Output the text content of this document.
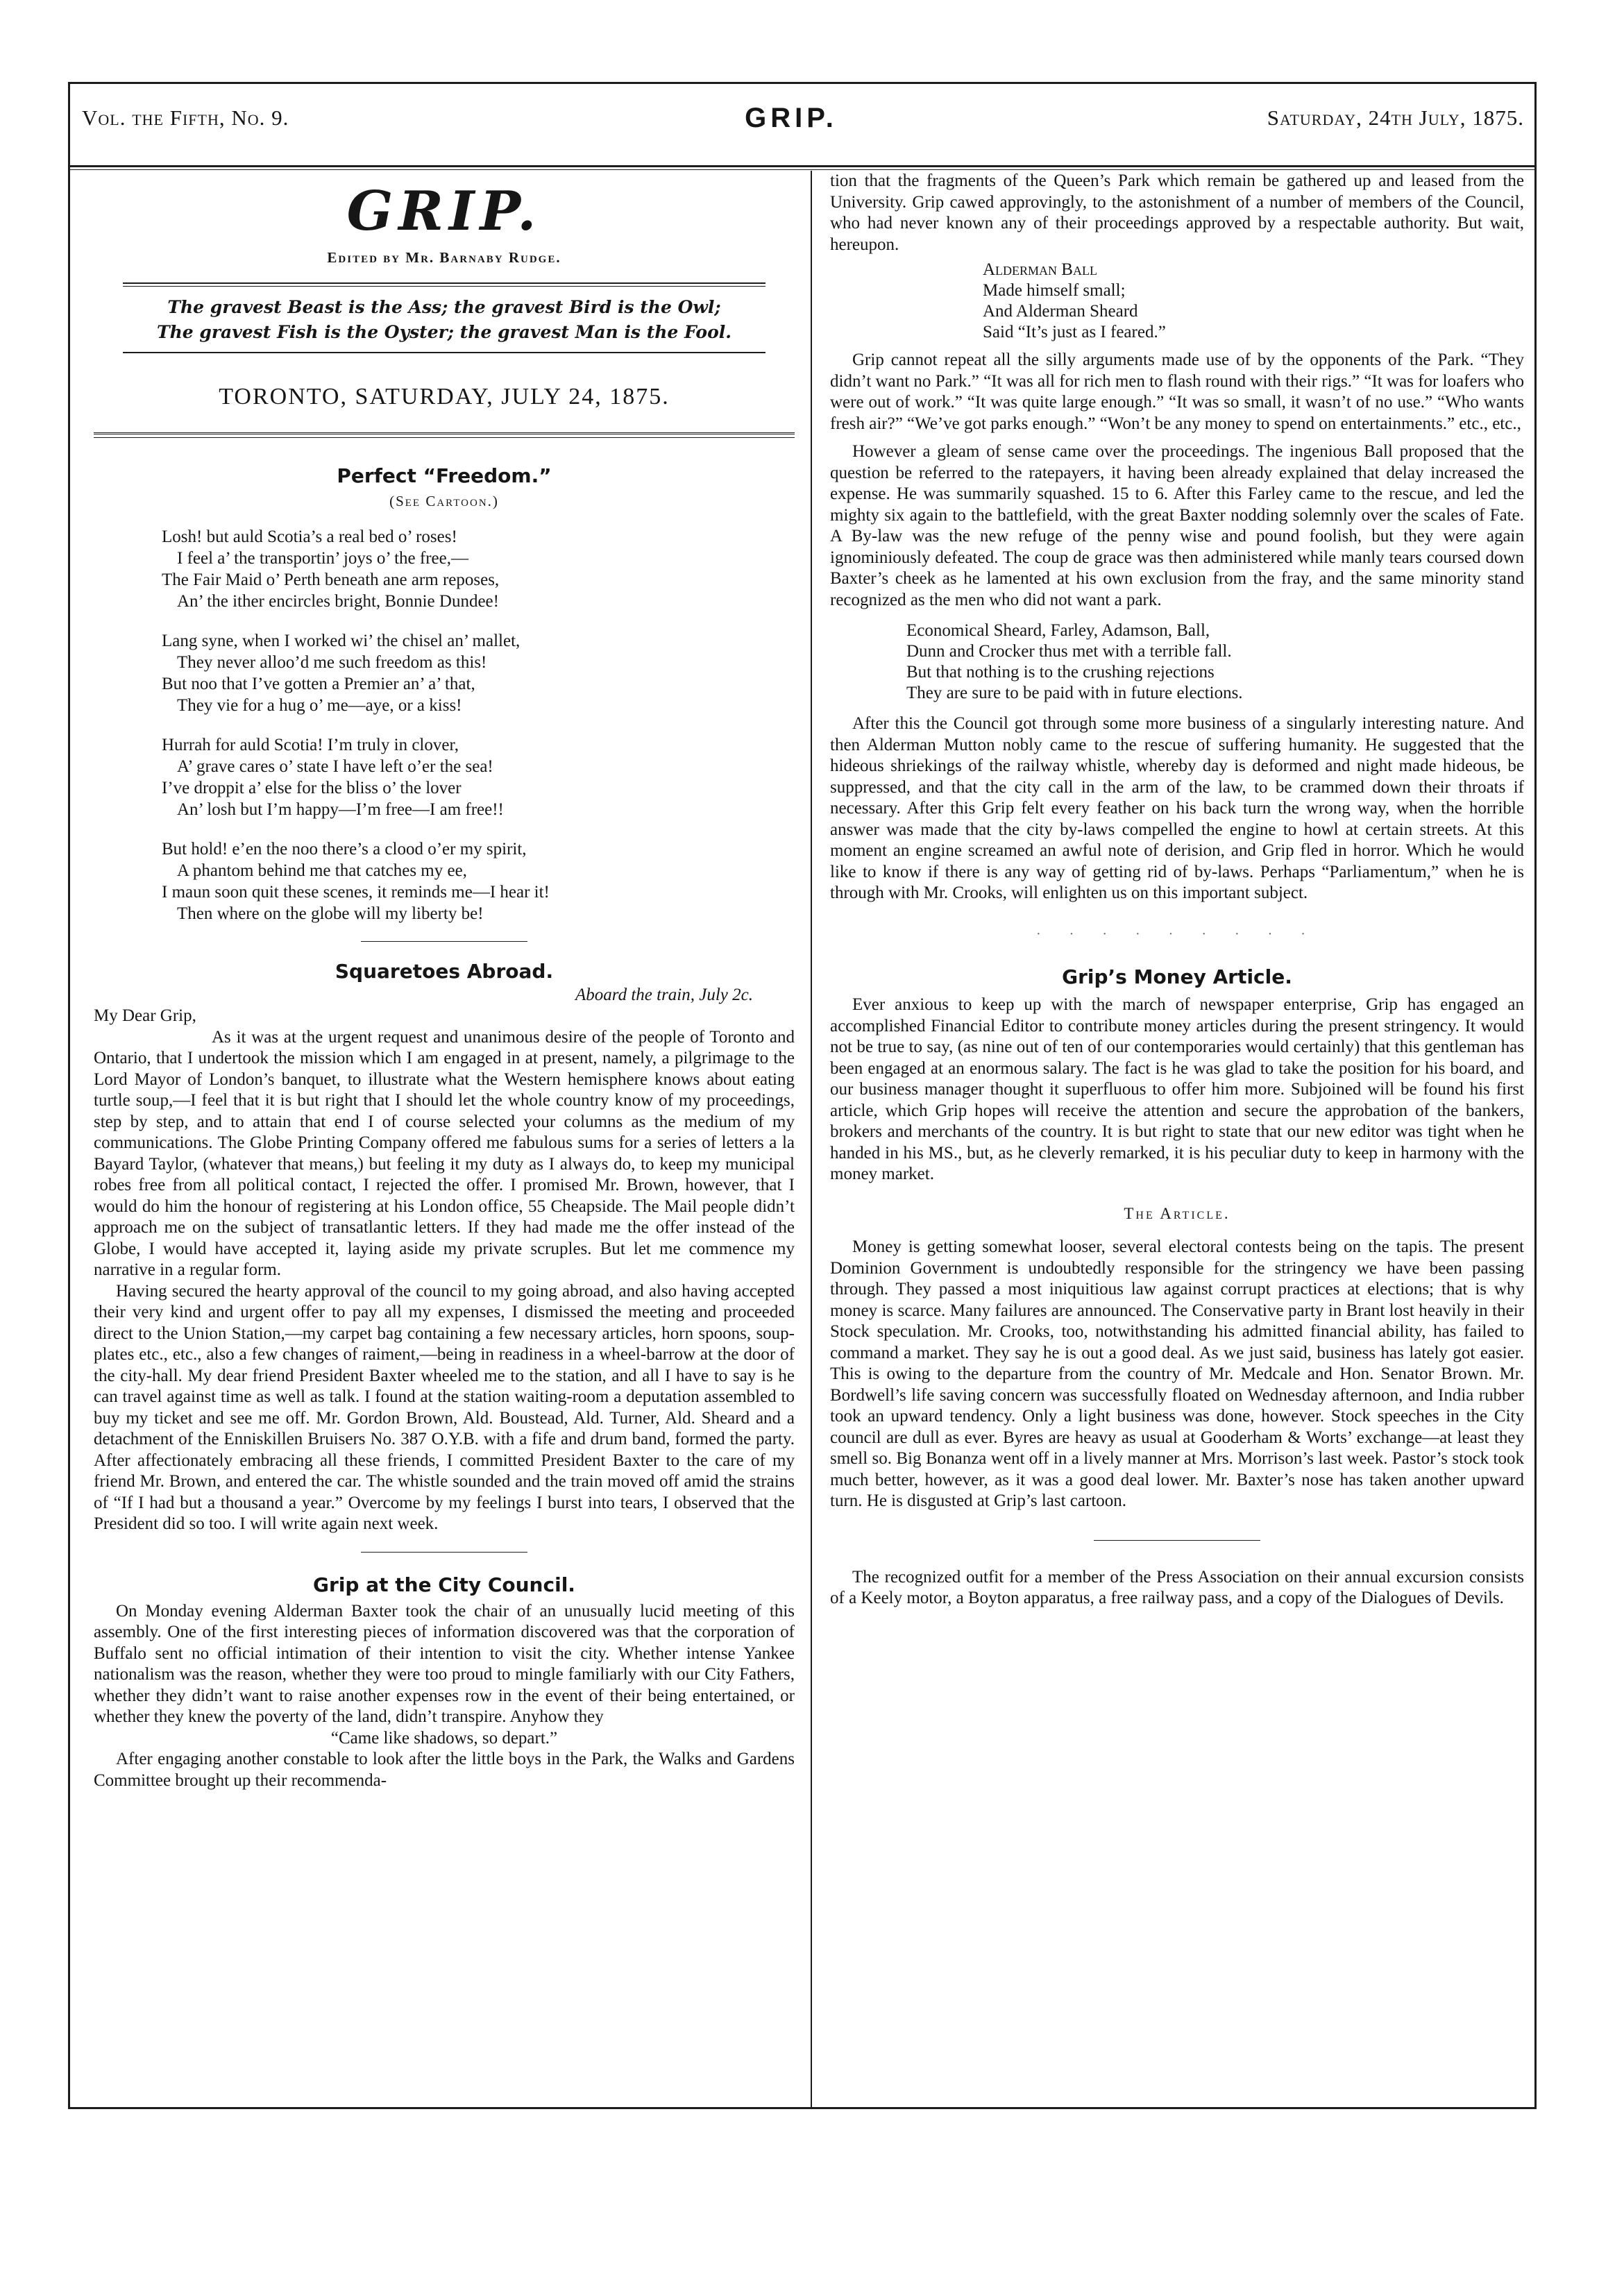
Vol. the Fifth, No. 9.	GRIP.	Saturday, 24th July, 1875.
GRIP.
Edited by Mr. Barnaby Rudge.
The gravest Beast is the Ass; the gravest Bird is the Owl;
The gravest Fish is the Oyster; the gravest Man is the Fool.
TORONTO, SATURDAY, JULY 24, 1875.
Perfect “Freedom.”
(See Cartoon.)
Losh! but auld Scotia’s a real bed o’ roses!
I feel a’ the transportin’ joys o’ the free,—
The Fair Maid o’ Perth beneath ane arm reposes,
An’ the ither encircles bright, Bonnie Dundee!
Lang syne, when I worked wi’ the chisel an’ mallet,
They never alloo’d me such freedom as this!
But noo that I’ve gotten a Premier an’ a’ that,
They vie for a hug o’ me—aye, or a kiss!
Hurrah for auld Scotia! I’m truly in clover,
A’ grave cares o’ state I have left o’er the sea!
I’ve droppit a’ else for the bliss o’ the lover
An’ losh but I’m happy—I’m free—I am free!!
But hold! e’en the noo there’s a clood o’er my spirit,
A phantom behind me that catches my ee,
I maun soon quit these scenes, it reminds me—I hear it!
Then where on the globe will my liberty be!
Squaretoes Abroad.
Aboard the train, July 2c.

My Dear Grip,

As it was at the urgent request and unanimous desire of the people of Toronto and Ontario, that I undertook the mission which I am engaged in at present, namely, a pilgrimage to the Lord Mayor of London’s banquet, to illustrate what the Western hemisphere knows about eating turtle soup,—I feel that it is but right that I should let the whole country know of my proceedings, step by step, and to attain that end I of course selected your columns as the medium of my communications. The Globe Printing Company offered me fabulous sums for a series of letters a la Bayard Taylor, (whatever that means,) but feeling it my duty as I always do, to keep my municipal robes free from all political contact, I rejected the offer. I promised Mr. Brown, however, that I would do him the honour of registering at his London office, 55 Cheapside. The Mail people didn’t approach me on the subject of transatlantic letters. If they had made me the offer instead of the Globe, I would have accepted it, laying aside my private scruples. But let me commence my narrative in a regular form.

Having secured the hearty approval of the council to my going abroad, and also having accepted their very kind and urgent offer to pay all my expenses, I dismissed the meeting and proceeded direct to the Union Station,—my carpet bag containing a few necessary articles, horn spoons, soup-plates etc., etc., also a few changes of raiment,—being in readiness in a wheel-barrow at the door of the city-hall. My dear friend President Baxter wheeled me to the station, and all I have to say is he can travel against time as well as talk. I found at the station waiting-room a deputation assembled to buy my ticket and see me off. Mr. Gordon Brown, Ald. Boustead, Ald. Turner, Ald. Sheard and a detachment of the Enniskillen Bruisers No. 387 O.Y.B. with a fife and drum band, formed the party. After affectionately embracing all these friends, I committed President Baxter to the care of my friend Mr. Brown, and entered the car. The whistle sounded and the train moved off amid the strains of “If I had but a thousand a year.” Overcome by my feelings I burst into tears, I observed that the President did so too. I will write again next week.

Grip at the City Council.

On Monday evening Alderman Baxter took the chair of an unusually lucid meeting of this assembly. One of the first interesting pieces of information discovered was that the corporation of Buffalo sent no official intimation of their intention to visit the city. Whether intense Yankee nationalism was the reason, whether they were too proud to mingle familiarly with our City Fathers, whether they didn’t want to raise another expenses row in the event of their being entertained, or whether they knew the poverty of the land, didn’t transpire. Anyhow they

“Came like shadows, so depart.”

After engaging another constable to look after the little boys in the Park, the Walks and Gardens Committee brought up their recommenda-

tion that the fragments of the Queen’s Park which remain be gathered up and leased from the University. Grip cawed approvingly, to the astonishment of a number of members of the Council, who had never known any of their proceedings approved by a respectable authority. But wait, hereupon.

Alderman Ball
Made himself small;
And Alderman Sheard
Said “It’s just as I feared.”

Grip cannot repeat all the silly arguments made use of by the opponents of the Park. “They didn’t want no Park.” “It was all for rich men to flash round with their rigs.” “It was for loafers who were out of work.” “It was quite large enough.” “It was so small, it wasn’t of no use.” “Who wants fresh air?” “We’ve got parks enough.” “Won’t be any money to spend on entertainments.” etc., etc.,

However a gleam of sense came over the proceedings. The ingenious Ball proposed that the question be referred to the ratepayers, it having been already explained that delay increased the expense. He was summarily squashed. 15 to 6. After this Farley came to the rescue, and led the mighty six again to the battlefield, with the great Baxter nodding solemnly over the scales of Fate. A By-law was the new refuge of the penny wise and pound foolish, but they were again ignominiously defeated. The coup de grace was then administered while manly tears coursed down Baxter’s cheek as he lamented at his own exclusion from the fray, and the same minority stand recognized as the men who did not want a park.

Economical Sheard, Farley, Adamson, Ball,
Dunn and Crocker thus met with a terrible fall.
But that nothing is to the crushing rejections
They are sure to be paid with in future elections.

After this the Council got through some more business of a singularly interesting nature. And then Alderman Mutton nobly came to the rescue of suffering humanity. He suggested that the hideous shriekings of the railway whistle, whereby day is deformed and night made hideous, be suppressed, and that the city call in the arm of the law, to be crammed down their throats if necessary. After this Grip felt every feather on his back turn the wrong way, when the horrible answer was made that the city by-laws compelled the engine to howl at certain streets. At this moment an engine screamed an awful note of derision, and Grip fled in horror. Which he would like to know if there is any way of getting rid of by-laws. Perhaps “Parliamentum,” when he is through with Mr. Crooks, will enlighten us on this important subject.

· · · · · · · · ·
Grip’s Money Article.

Ever anxious to keep up with the march of newspaper enterprise, Grip has engaged an accomplished Financial Editor to contribute money articles during the present stringency. It would not be true to say, (as nine out of ten of our contemporaries would certainly) that this gentleman has been engaged at an enormous salary. The fact is he was glad to take the position for his board, and our business manager thought it superfluous to offer him more. Subjoined will be found his first article, which Grip hopes will receive the attention and secure the approbation of the bankers, brokers and merchants of the country. It is but right to state that our new editor was tight when he handed in his MS., but, as he cleverly remarked, it is his peculiar duty to keep in harmony with the money market.

The Article.

Money is getting somewhat looser, several electoral contests being on the tapis. The present Dominion Government is undoubtedly responsible for the stringency we have been passing through. They passed a most iniquitious law against corrupt practices at elections; that is why money is scarce. Many failures are announced. The Conservative party in Brant lost heavily in their Stock speculation. Mr. Crooks, too, notwithstanding his admitted financial ability, has failed to command a market. They say he is out a good deal. As we just said, business has lately got easier. This is owing to the departure from the country of Mr. Medcale and Hon. Senator Brown. Mr. Bordwell’s life saving concern was successfully floated on Wednesday afternoon, and India rubber took an upward tendency. Only a light business was done, however. Stock speeches in the City council are dull as ever. Byres are heavy as usual at Gooderham & Worts’ exchange—at least they smell so. Big Bonanza went off in a lively manner at Mrs. Morrison’s last week. Pastor’s stock took much better, however, as it was a good deal lower. Mr. Baxter’s nose has taken another upward turn. He is disgusted at Grip’s last cartoon.

The recognized outfit for a member of the Press Association on their annual excursion consists of a Keely motor, a Boyton apparatus, a free railway pass, and a copy of the Dialogues of Devils.
